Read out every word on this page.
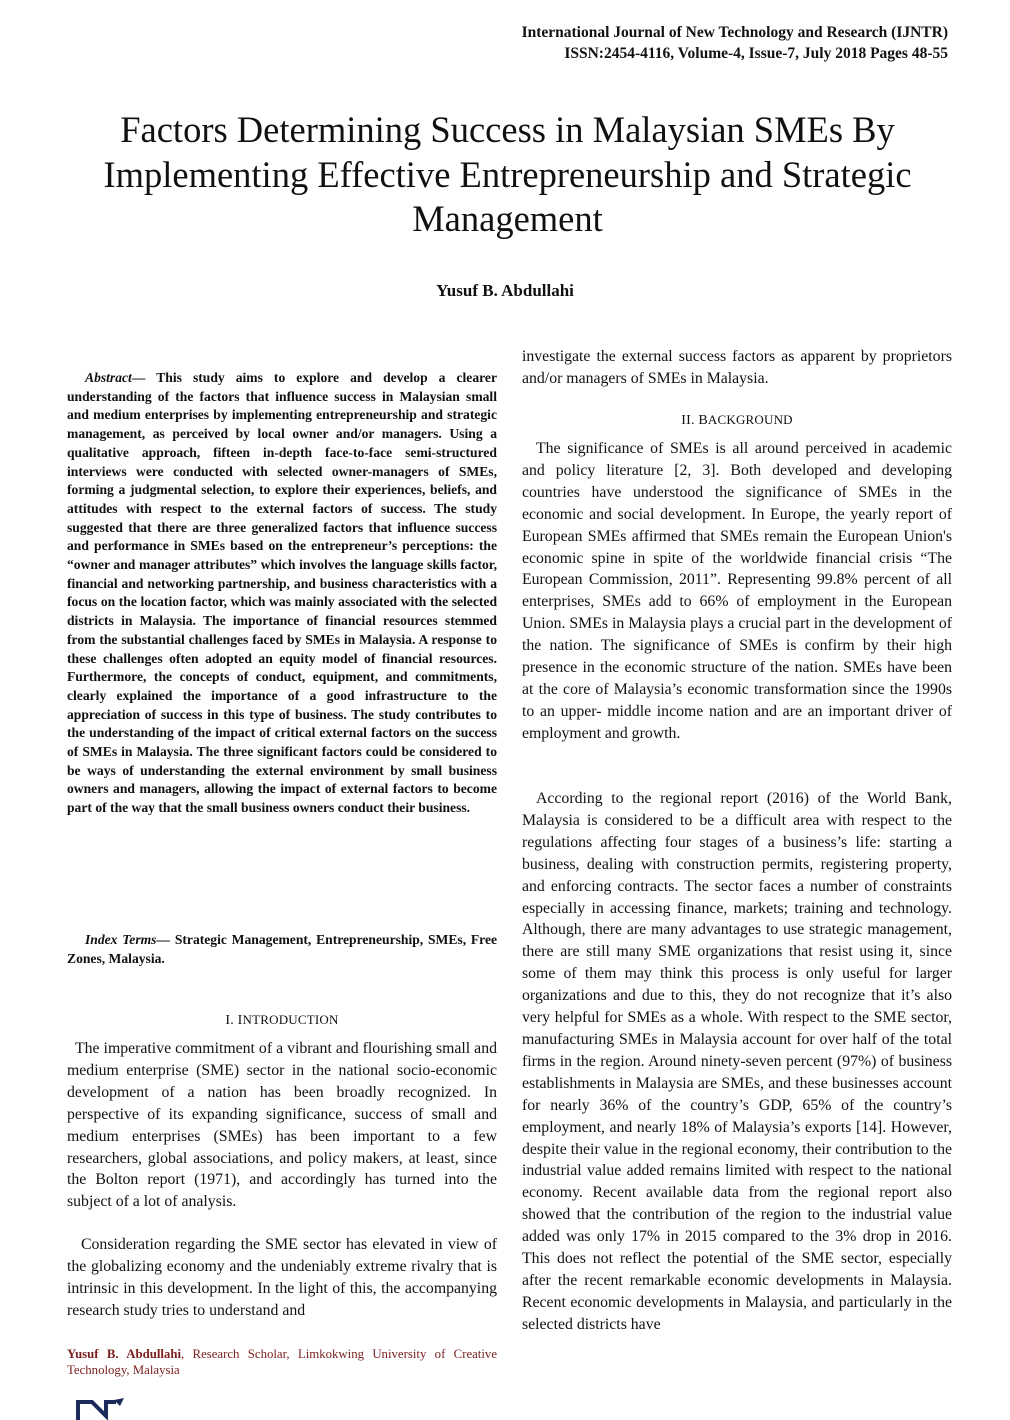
International Journal of New Technology and Research (IJNTR)
ISSN:2454-4116, Volume-4, Issue-7, July 2018 Pages 48-55
Factors Determining Success in Malaysian SMEs By Implementing Effective Entrepreneurship and Strategic Management
Yusuf B. Abdullahi
Abstract— This study aims to explore and develop a clearer understanding of the factors that influence success in Malaysian small and medium enterprises by implementing entrepreneurship and strategic management, as perceived by local owner and/or managers. Using a qualitative approach, fifteen in-depth face-to-face semi-structured interviews were conducted with selected owner-managers of SMEs, forming a judgmental selection, to explore their experiences, beliefs, and attitudes with respect to the external factors of success. The study suggested that there are three generalized factors that influence success and performance in SMEs based on the entrepreneur’s perceptions: the “owner and manager attributes” which involves the language skills factor, financial and networking partnership, and business characteristics with a focus on the location factor, which was mainly associated with the selected districts in Malaysia. The importance of financial resources stemmed from the substantial challenges faced by SMEs in Malaysia. A response to these challenges often adopted an equity model of financial resources. Furthermore, the concepts of conduct, equipment, and commitments, clearly explained the importance of a good infrastructure to the appreciation of success in this type of business. The study contributes to the understanding of the impact of critical external factors on the success of SMEs in Malaysia. The three significant factors could be considered to be ways of understanding the external environment by small business owners and managers, allowing the impact of external factors to become part of the way that the small business owners conduct their business.
Index Terms— Strategic Management, Entrepreneurship, SMEs, Free Zones, Malaysia.
I. INTRODUCTION
The imperative commitment of a vibrant and flourishing small and medium enterprise (SME) sector in the national socio-economic development of a nation has been broadly recognized. In perspective of its expanding significance, success of small and medium enterprises (SMEs) has been important to a few researchers, global associations, and policy makers, at least, since the Bolton report (1971), and accordingly has turned into the subject of a lot of analysis.
Consideration regarding the SME sector has elevated in view of the globalizing economy and the undeniably extreme rivalry that is intrinsic in this development. In the light of this, the accompanying research study tries to understand and
Yusuf B. Abdullahi, Research Scholar, Limkokwing University of Creative Technology, Malaysia
investigate the external success factors as apparent by proprietors and/or managers of SMEs in Malaysia.
II. BACKGROUND
The significance of SMEs is all around perceived in academic and policy literature [2, 3]. Both developed and developing countries have understood the significance of SMEs in the economic and social development. In Europe, the yearly report of European SMEs affirmed that SMEs remain the European Union's economic spine in spite of the worldwide financial crisis “The European Commission, 2011”. Representing 99.8% percent of all enterprises, SMEs add to 66% of employment in the European Union. SMEs in Malaysia plays a crucial part in the development of the nation. The significance of SMEs is confirm by their high presence in the economic structure of the nation. SMEs have been at the core of Malaysia’s economic transformation since the 1990s to an upper- middle income nation and are an important driver of employment and growth.
According to the regional report (2016) of the World Bank, Malaysia is considered to be a difficult area with respect to the regulations affecting four stages of a business’s life: starting a business, dealing with construction permits, registering property, and enforcing contracts. The sector faces a number of constraints especially in accessing finance, markets; training and technology. Although, there are many advantages to use strategic management, there are still many SME organizations that resist using it, since some of them may think this process is only useful for larger organizations and due to this, they do not recognize that it’s also very helpful for SMEs as a whole. With respect to the SME sector, manufacturing SMEs in Malaysia account for over half of the total firms in the region. Around ninety-seven percent (97%) of business establishments in Malaysia are SMEs, and these businesses account for nearly 36% of the country’s GDP, 65% of the country’s employment, and nearly 18% of Malaysia’s exports [14]. However, despite their value in the regional economy, their contribution to the industrial value added remains limited with respect to the national economy. Recent available data from the regional report also showed that the contribution of the region to the industrial value added was only 17% in 2015 compared to the 3% drop in 2016. This does not reflect the potential of the SME sector, especially after the recent remarkable economic developments in Malaysia. Recent economic developments in Malaysia, and particularly in the selected districts have
